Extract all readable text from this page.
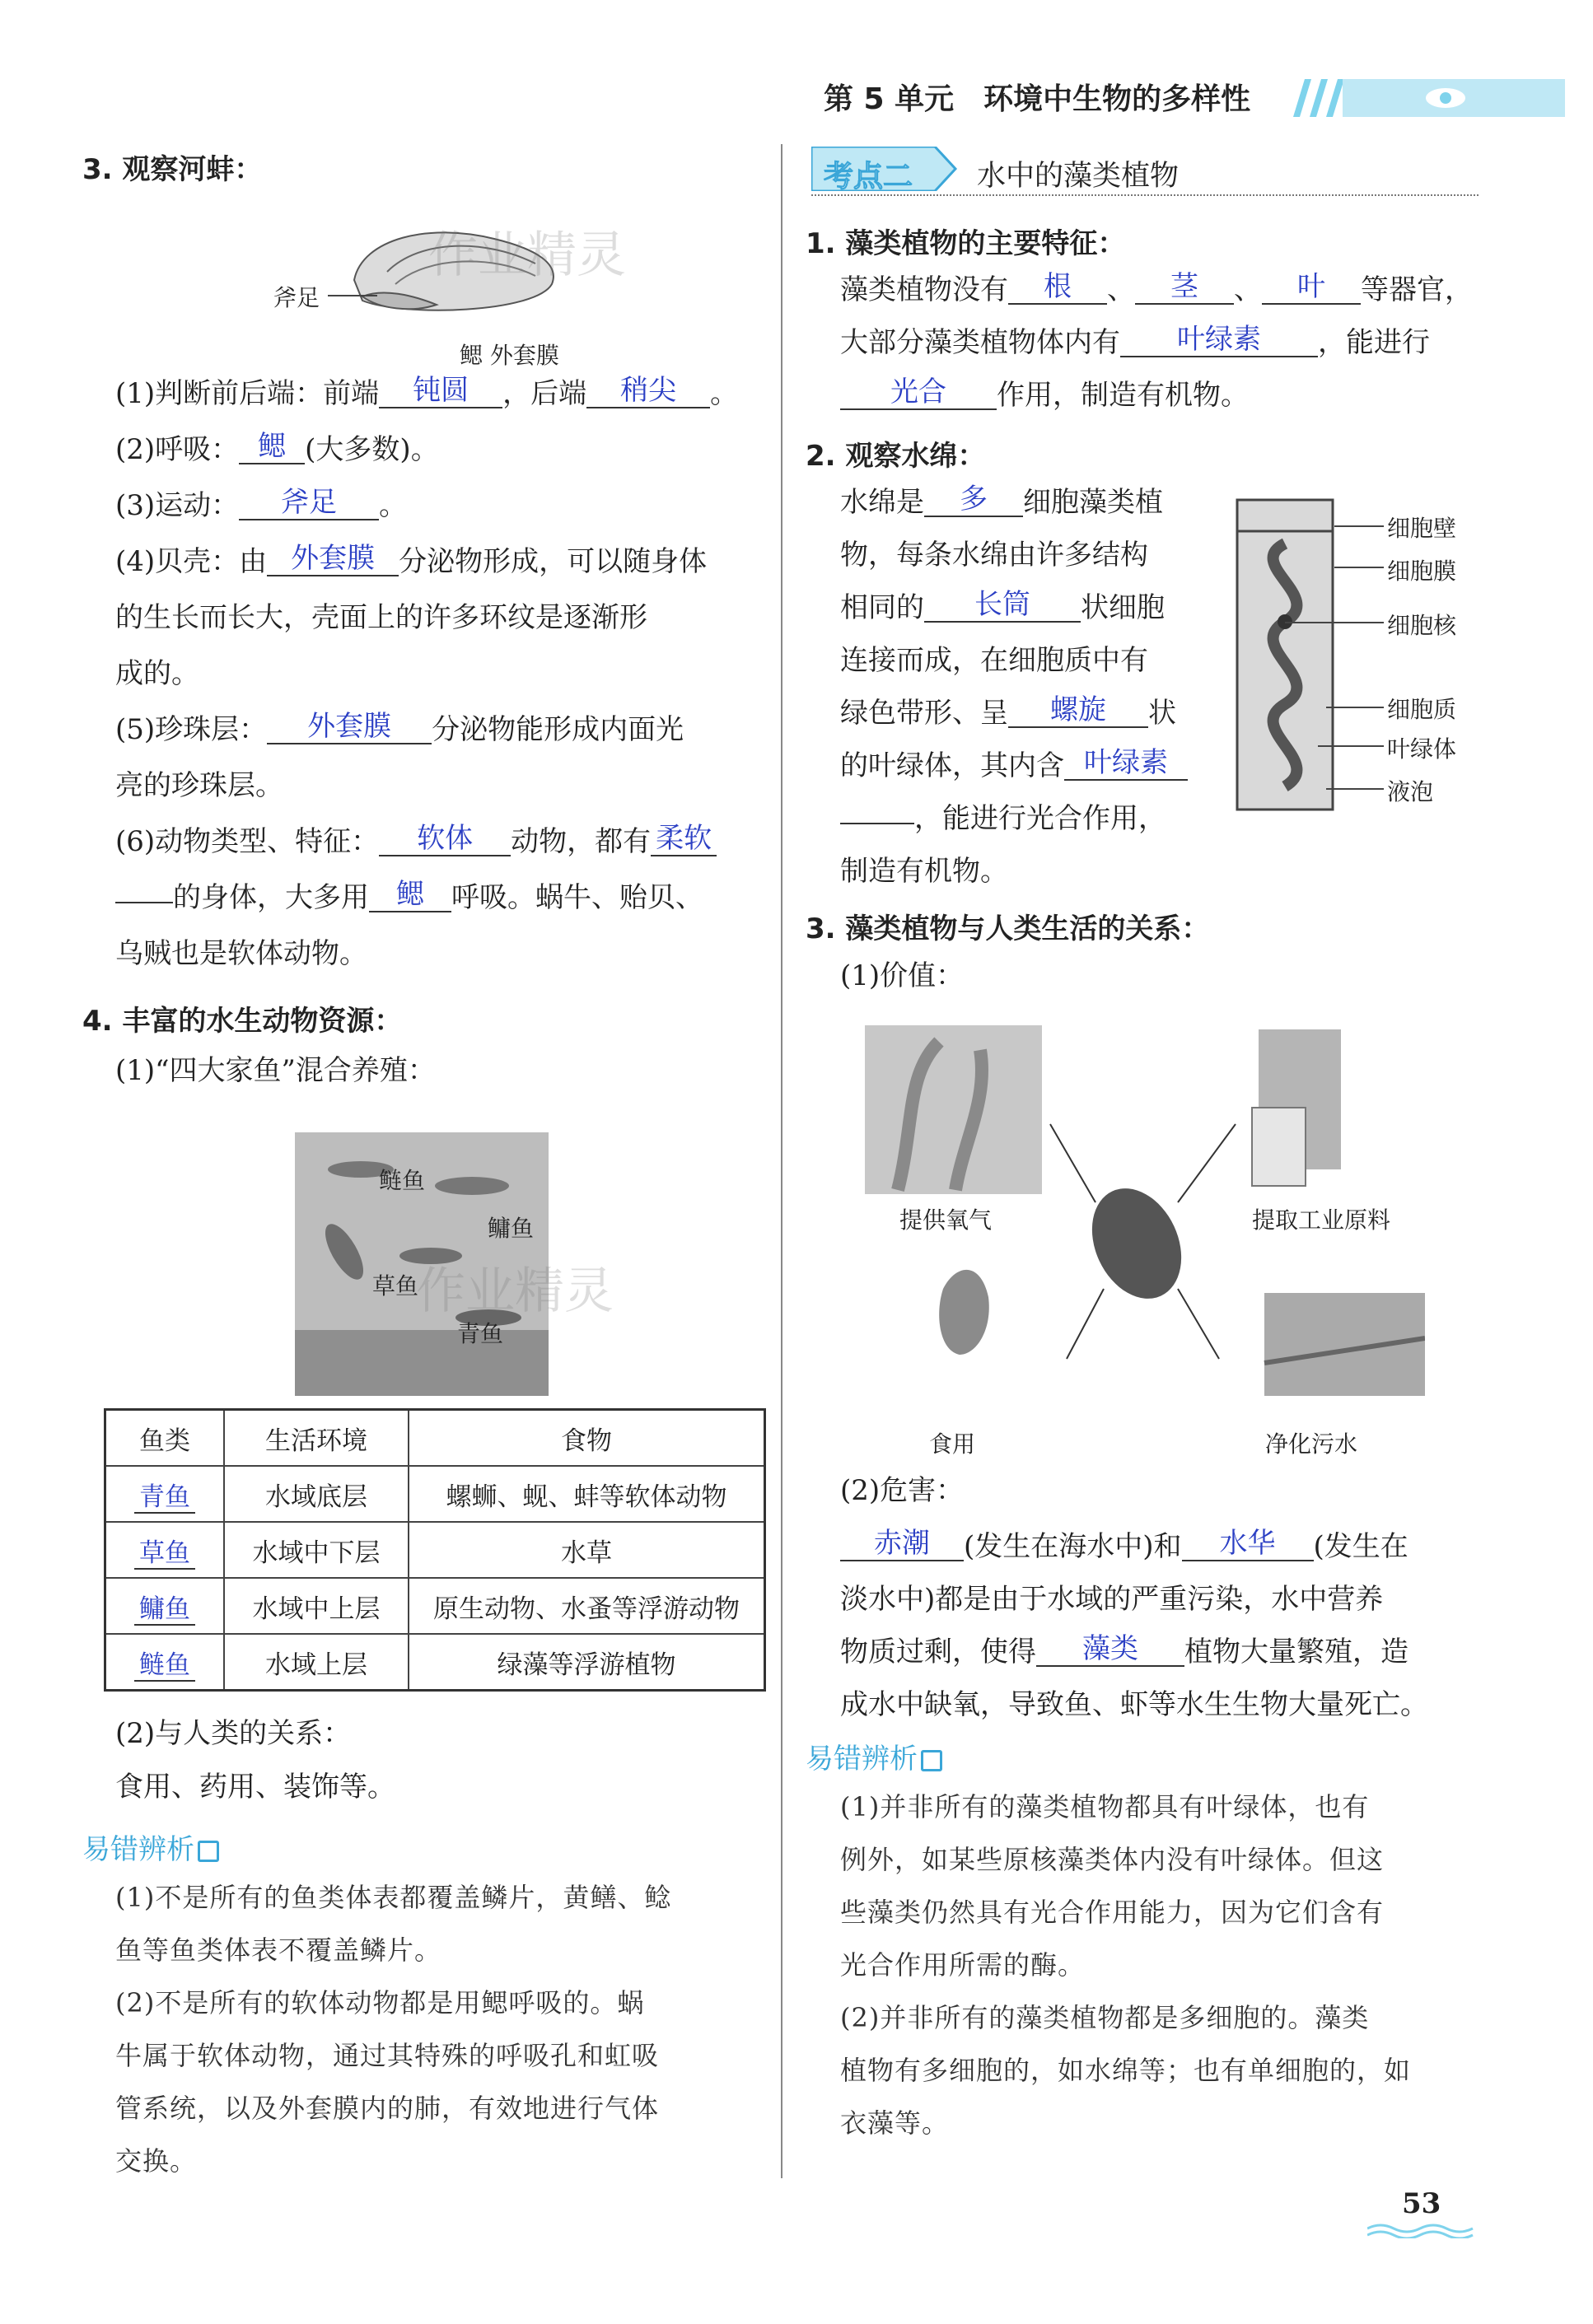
第 5 单元　环境中生物的多样性
3. 观察河蚌：
作业精灵
斧足
鳃 外套膜
(1)判断前后端：前端 钝圆 ，后端 稍尖 。
(2)呼吸： 鳃 (大多数)。
(3)运动： 斧足 。
(4)贝壳：由 外套膜 分泌物形成，可以随身体
的生长而长大，壳面上的许多环纹是逐渐形
成的。
(5)珍珠层： 外套膜 分泌物能形成内面光
亮的珍珠层。
(6)动物类型、特征： 软体 动物，都有 柔软
的身体，大多用 鳃 呼吸。蜗牛、贻贝、
乌贼也是软体动物。
4. 丰富的水生动物资源：
(1)“四大家鱼”混合养殖：
鲢鱼
鳙鱼
草鱼
青鱼
作业精灵
鱼类	生活环境	食物
青鱼	水域底层	螺蛳、蚬、蚌等软体动物
草鱼	水域中下层	水草
鳙鱼	水域中上层	原生动物、水蚤等浮游动物
鲢鱼	水域上层	绿藻等浮游植物
(2)与人类的关系：
食用、药用、装饰等。
易错辨析
(1)不是所有的鱼类体表都覆盖鳞片，黄鳝、鲶
鱼等鱼类体表不覆盖鳞片。
(2)不是所有的软体动物都是用鳃呼吸的。蜗
牛属于软体动物，通过其特殊的呼吸孔和虹吸
管系统，以及外套膜内的肺，有效地进行气体
交换。
考点二 水中的藻类植物
1. 藻类植物的主要特征：
藻类植物没有 根 、 茎 、 叶 等器官，
大部分藻类植物体内有 叶绿素 ，能进行
光合 作用，制造有机物。
2. 观察水绵：
水绵是 多 细胞藻类植
物，每条水绵由许多结构
相同的 长筒 状细胞
连接而成，在细胞质中有
绿色带形、呈 螺旋 状
的叶绿体，其内含 叶绿素
，能进行光合作用，
制造有机物。
细胞壁
细胞膜
细胞核
细胞质
叶绿体
液泡
3. 藻类植物与人类生活的关系：
(1)价值：
提供氧气	提取工业原料
食用	净化污水
(2)危害：
赤潮 (发生在海水中)和 水华 (发生在
淡水中)都是由于水域的严重污染，水中营养
物质过剩，使得 藻类 植物大量繁殖，造
成水中缺氧，导致鱼、虾等水生生物大量死亡。
易错辨析
(1)并非所有的藻类植物都具有叶绿体，也有
例外，如某些原核藻类体内没有叶绿体。但这
些藻类仍然具有光合作用能力，因为它们含有
光合作用所需的酶。
(2)并非所有的藻类植物都是多细胞的。藻类
植物有多细胞的，如水绵等；也有单细胞的，如
衣藻等。
53
